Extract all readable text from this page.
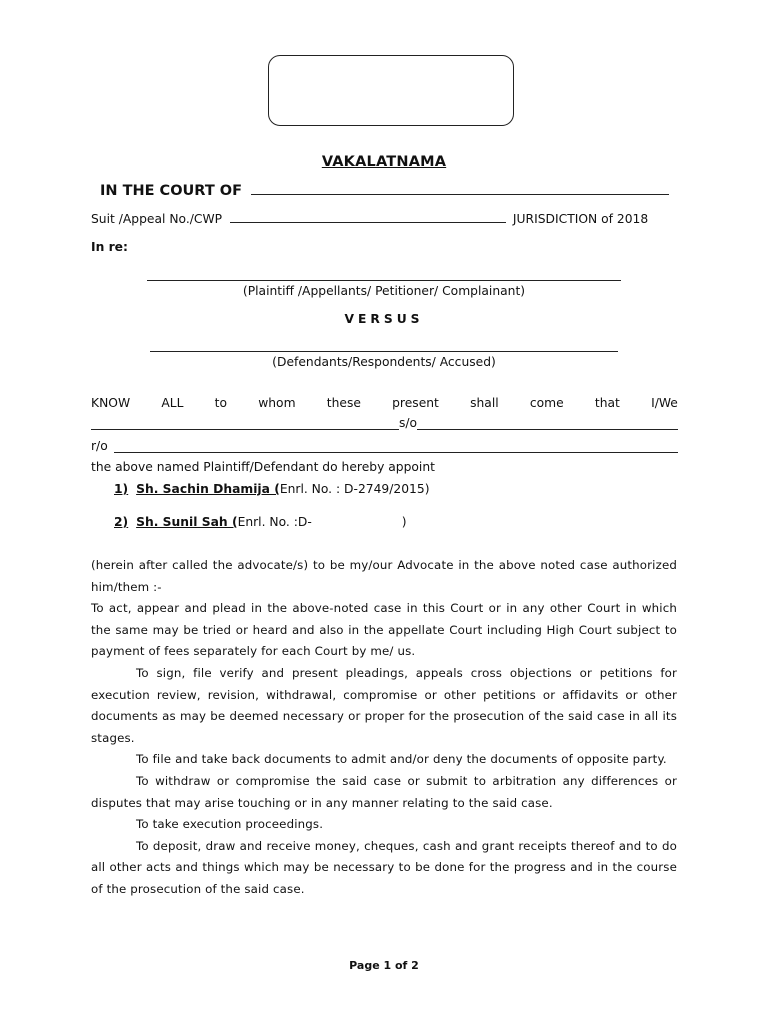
VAKALATNAMA
IN THE COURT OF
Suit /Appeal No./CWP	JURISDICTION of 2018
In re:
(Plaintiff /Appellants/ Petitioner/ Complainant)
VERSUS
(Defendants/Respondents/ Accused)
KNOW	ALL	to	whom	these	present	shall	come	that	I/We
s/o
r/o
the above named Plaintiff/Defendant do hereby appoint
1) Sh. Sachin Dhamija (Enrl. No. : D-2749/2015)
2) Sh. Sunil Sah (Enrl. No. :D-	)

(herein after called the advocate/s) to be my/our Advocate in the above noted case authorized him/them :-

To act, appear and plead in the above-noted case in this Court or in any other Court in which the same may be tried or heard and also in the appellate Court including High Court subject to payment of fees separately for each Court by me/ us.

To sign, file verify and present pleadings, appeals cross objections or petitions for execution review, revision, withdrawal, compromise or other petitions or affidavits or other documents as may be deemed necessary or proper for the prosecution of the said case in all its stages.

To file and take back documents to admit and/or deny the documents of opposite party.

To withdraw or compromise the said case or submit to arbitration any differences or disputes that may arise touching or in any manner relating to the said case.

To take execution proceedings.

To deposit, draw and receive money, cheques, cash and grant receipts thereof and to do all other acts and things which may be necessary to be done for the progress and in the course of the prosecution of the said case.

Page 1 of 2
